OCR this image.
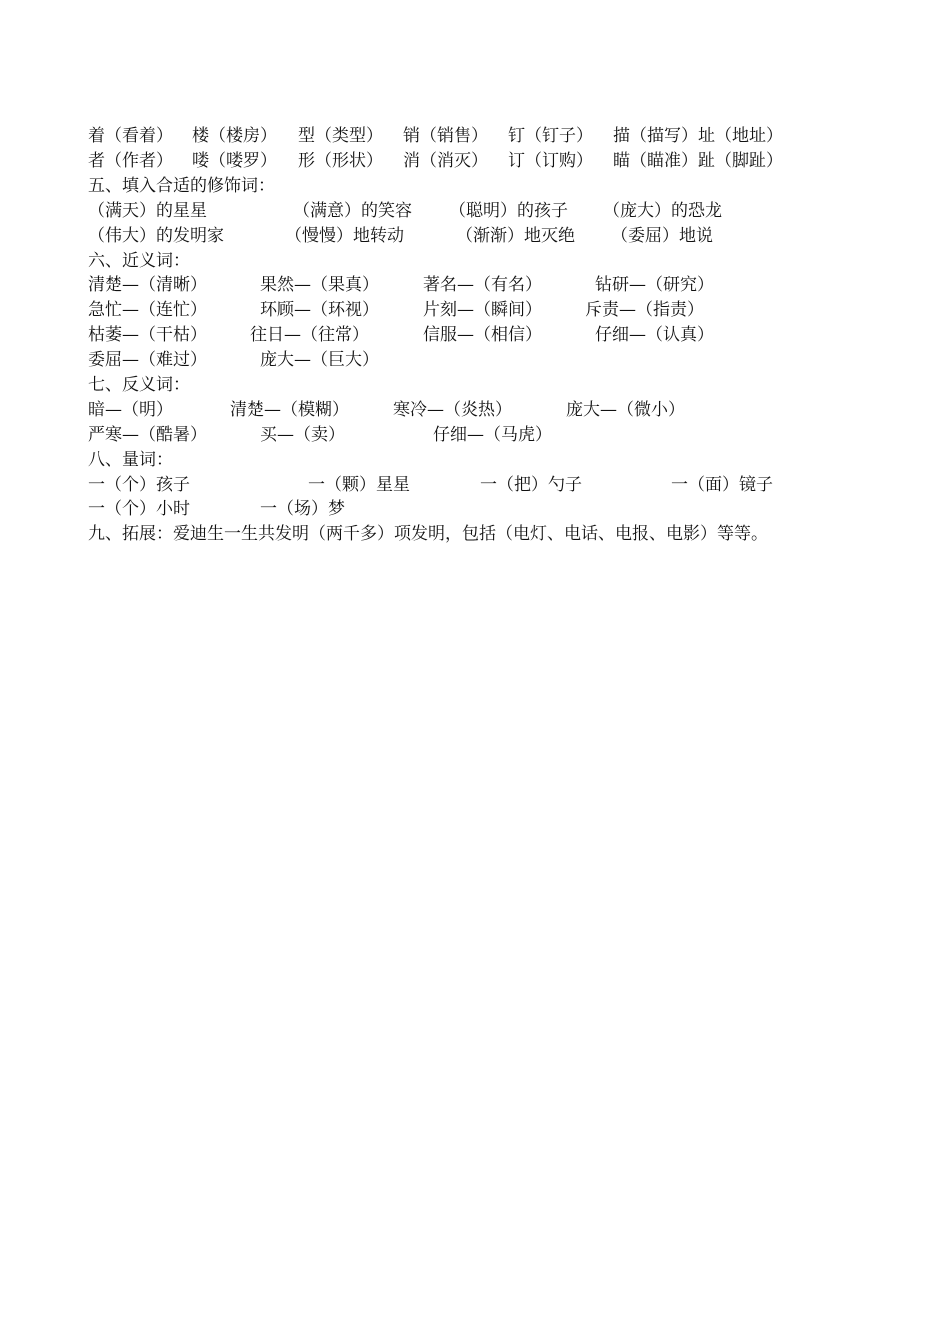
着（看着） 楼（楼房） 型（类型） 销（销售） 钉（钉子） 描（描写）址（地址）
者（作者） 喽（喽罗） 形（形状） 消（消灭） 订（订购） 瞄（瞄准）趾（脚趾）
五、填入合适的修饰词：
（满天）的星星	（满意）的笑容 （聪明）的孩子 （庞大）的恐龙
（伟大）的发明家	（慢慢）地转动	（渐渐）地灭绝 （委屈）地说
六、近义词：
清楚—（清晰）	果然—（果真）	著名—（有名）	钻研—（研究）
急忙—（连忙）	环顾—（环视）	片刻—（瞬间）	斥责—（指责）
枯萎—（干枯）	往日—（往常）	信服—（相信）	仔细—（认真）
委屈—（难过）	庞大—（巨大）
七、反义词：
暗—（明）	清楚—（模糊）	寒冷—（炎热）	庞大—（微小）
严寒—（酷暑）	买—（卖）	仔细—（马虎）
八、量词：
一（个）孩子	一（颗）星星	一（把）勺子	一（面）镜子
一（个）小时	一（场）梦
九、拓展：爱迪生一生共发明（两千多）项发明，包括（电灯、电话、电报、电影）等等。
